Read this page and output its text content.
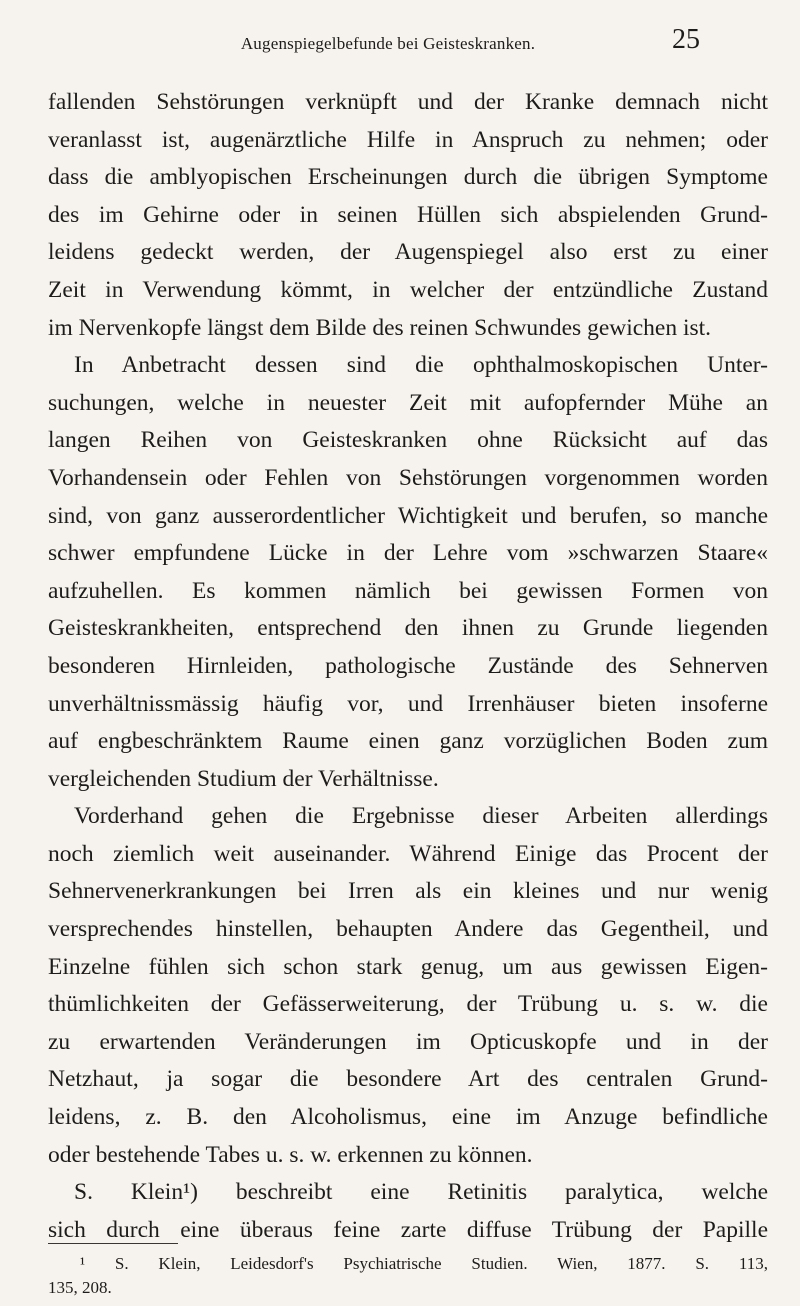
Augenspiegelbefunde bei Geisteskranken.	25
fallenden Sehstörungen verknüpft und der Kranke demnach nicht
veranlasst ist, augenärztliche Hilfe in Anspruch zu nehmen; oder
dass die amblyopischen Erscheinungen durch die übrigen Symptome
des im Gehirne oder in seinen Hüllen sich abspielenden Grund-
leidens gedeckt werden, der Augenspiegel also erst zu einer
Zeit in Verwendung kömmt, in welcher der entzündliche Zustand
im Nervenkopfe längst dem Bilde des reinen Schwundes gewichen ist.
In Anbetracht dessen sind die ophthalmoskopischen Unter-
suchungen, welche in neuester Zeit mit aufopfernder Mühe an
langen Reihen von Geisteskranken ohne Rücksicht auf das
Vorhandensein oder Fehlen von Sehstörungen vorgenommen worden
sind, von ganz ausserordentlicher Wichtigkeit und berufen, so manche
schwer empfundene Lücke in der Lehre vom »schwarzen Staare«
aufzuhellen. Es kommen nämlich bei gewissen Formen von
Geisteskrankheiten, entsprechend den ihnen zu Grunde liegenden
besonderen Hirnleiden, pathologische Zustände des Sehnerven
unverhältnissmässig häufig vor, und Irrenhäuser bieten insoferne
auf engbeschränktem Raume einen ganz vorzüglichen Boden zum
vergleichenden Studium der Verhältnisse.
Vorderhand gehen die Ergebnisse dieser Arbeiten allerdings
noch ziemlich weit auseinander. Während Einige das Procent der
Sehnervenerkrankungen bei Irren als ein kleines und nur wenig
versprechendes hinstellen, behaupten Andere das Gegentheil, und
Einzelne fühlen sich schon stark genug, um aus gewissen Eigen-
thümlichkeiten der Gefässerweiterung, der Trübung u. s. w. die
zu erwartenden Veränderungen im Opticuskopfe und in der
Netzhaut, ja sogar die besondere Art des centralen Grund-
leidens, z. B. den Alcoholismus, eine im Anzuge befindliche
oder bestehende Tabes u. s. w. erkennen zu können.
S. Klein¹) beschreibt eine Retinitis paralytica, welche
sich durch eine überaus feine zarte diffuse Trübung der Papille
¹ S. Klein, Leidesdorf's Psychiatrische Studien. Wien, 1877. S. 113,
135, 208.
